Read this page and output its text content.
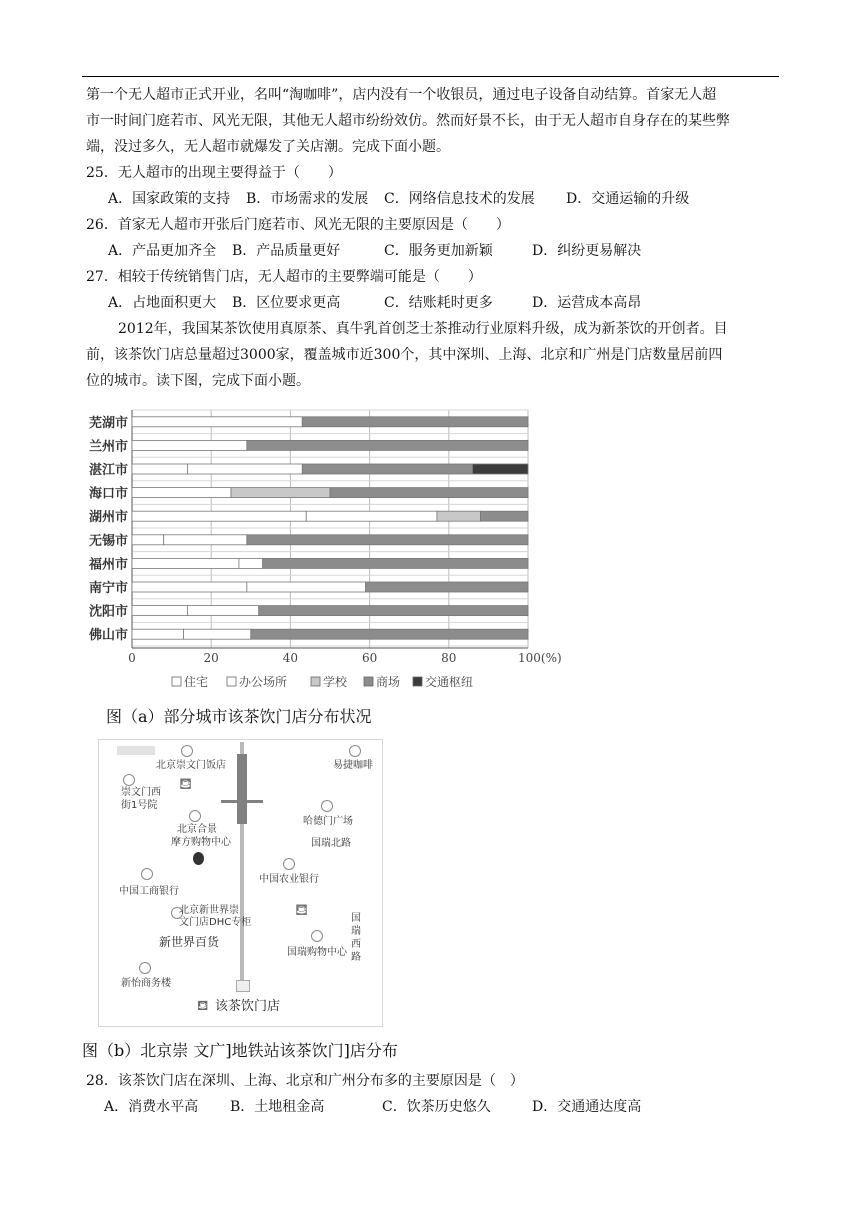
第一个无人超市正式开业，名叫“淘咖啡”，店内没有一个收银员，通过电子设备自动结算。首家无人超
市一时间门庭若市、风光无限，其他无人超市纷纷效仿。然而好景不长，由于无人超市自身存在的某些弊
端，没过多久，无人超市就爆发了关店潮。完成下面小题。
25．无人超市的出现主要得益于（　　）
A．国家政策的支持 B．市场需求的发展 C．网络信息技术的发展 D．交通运输的升级
26．首家无人超市开张后门庭若市、风光无限的主要原因是（　　）
A．产品更加齐全 B．产品质量更好	C．服务更加新颖	D．纠纷更易解决
27．相较于传统销售门店，无人超市的主要弊端可能是（　　）
A．占地面积更大 B．区位要求更高	C．结账耗时更多	D．运营成本高昂
2012年，我国某茶饮使用真原茶、真牛乳首创芝士茶推动行业原料升级，成为新茶饮的开创者。目
前，该茶饮门店总量超过3000家，覆盖城市近300个，其中深圳、上海、北京和广州是门店数量居前四
位的城市。读下图，完成下面小题。
芜湖市
兰州市
湛江市
海口市
湖州市
无锡市
福州市
南宁市
沈阳市
佛山市
0	20	40	60	80	100(%)
住宅	办公场所	学校 商场 交通枢纽
图（a）部分城市该茶饮门店分布状况
⛾
⛾
北京崇文门饭店	易捷咖啡
崇文门西
街1号院
哈德门广场
北京合景
摩方购物中心	国瑞北路
中国农业银行
中国工商银行
北京新世界崇
文门店DHC专柜
新世界百货
国瑞西路
国瑞购物中心
新怡商务楼
⛾ 该茶饮门店
图（b）北京崇 文广]地铁站该茶饮门]店分布
28．该茶饮门店在深圳、上海、北京和广州分布多的主要原因是（　）
A．消费水平高 B．土地租金高	C．饮茶历史悠久	D．交通通达度高
